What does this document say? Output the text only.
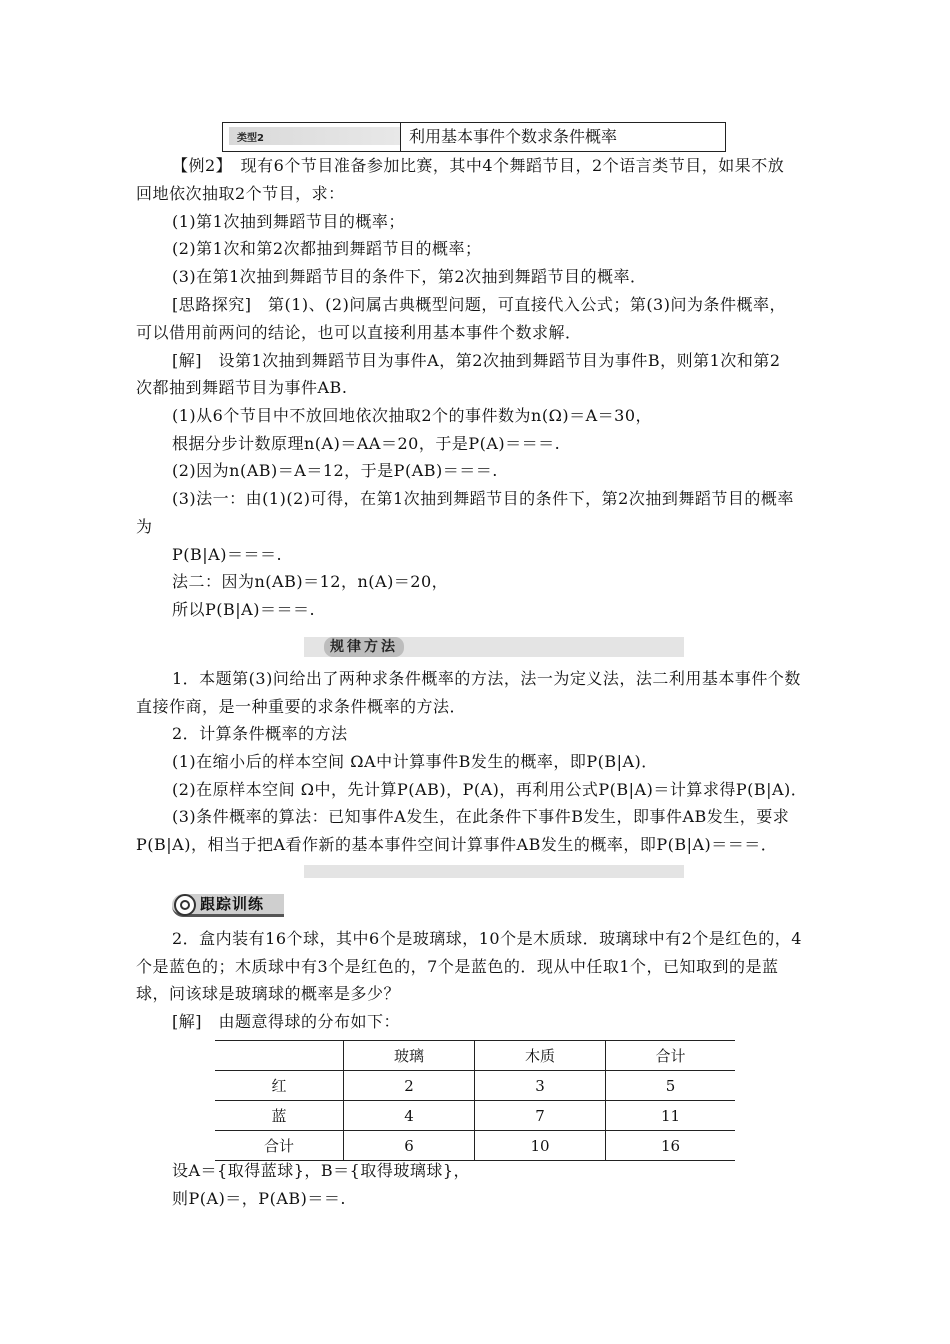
类型2	利用基本事件个数求条件概率
【例2】　现有6个节目准备参加比赛，其中4个舞蹈节目，2个语言类节目，如果不放
回地依次抽取2个节目，求：
(1)第1次抽到舞蹈节目的概率；
(2)第1次和第2次都抽到舞蹈节目的概率；
(3)在第1次抽到舞蹈节目的条件下，第2次抽到舞蹈节目的概率．
[思路探究]　第(1)、(2)问属古典概型问题，可直接代入公式；第(3)问为条件概率，
可以借用前两问的结论，也可以直接利用基本事件个数求解．
[解]　设第1次抽到舞蹈节目为事件A，第2次抽到舞蹈节目为事件B，则第1次和第2
次都抽到舞蹈节目为事件AB.
(1)从6个节目中不放回地依次抽取2个的事件数为n(Ω)＝A＝30，
根据分步计数原理n(A)＝AA＝20，于是P(A)＝＝＝.
(2)因为n(AB)＝A＝12，于是P(AB)＝＝＝.
(3)法一：由(1)(2)可得，在第1次抽到舞蹈节目的条件下，第2次抽到舞蹈节目的概率
为
P(B|A)＝＝＝.
法二：因为n(AB)＝12，n(A)＝20，
所以P(B|A)＝＝＝.
规律方法
1．本题第(3)问给出了两种求条件概率的方法，法一为定义法，法二利用基本事件个数
直接作商，是一种重要的求条件概率的方法．
2．计算条件概率的方法
(1)在缩小后的样本空间 ΩA中计算事件B发生的概率，即P(B|A)．
(2)在原样本空间 Ω中，先计算P(AB)，P(A)，再利用公式P(B|A)＝计算求得P(B|A)．
(3)条件概率的算法：已知事件A发生，在此条件下事件B发生，即事件AB发生，要求
P(B|A)，相当于把A看作新的基本事件空间计算事件AB发生的概率，即P(B|A)＝＝＝．
跟踪训练
2．盒内装有16个球，其中6个是玻璃球，10个是木质球．玻璃球中有2个是红色的，4
个是蓝色的；木质球中有3个是红色的，7个是蓝色的．现从中任取1个，已知取到的是蓝
球，问该球是玻璃球的概率是多少？
[解]　由题意得球的分布如下：
	玻璃	木质	合计
红	2	3	5
蓝	4	7	11
合计	6	10	16
设A＝{取得蓝球}，B＝{取得玻璃球}，
则P(A)＝，P(AB)＝＝.
